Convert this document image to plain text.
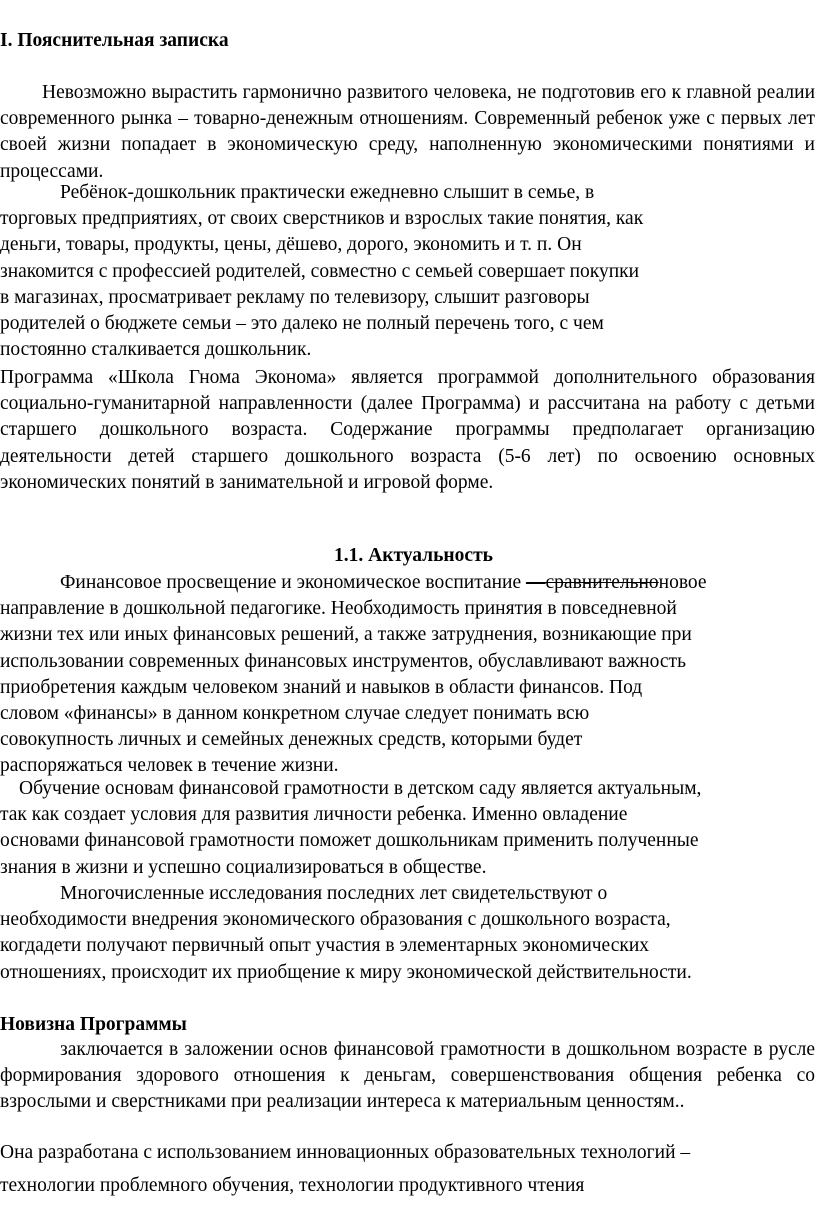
I. Пояснительная записка

Невозможно вырастить гармонично развитого человека, не подготовив его к главной реалии современного рынка – товарно-денежным отношениям. Современный ребенок уже с первых лет своей жизни попадает в экономическую среду, наполненную экономическими понятиями и процессами.

Ребёнок-дошкольник практически ежедневно слышит в семье, в
торговых предприятиях, от своих сверстников и взрослых такие понятия, как
деньги, товары, продукты, цены, дёшево, дорого, экономить и т. п. Он
знакомится с профессией родителей, совместно с семьей совершает покупки
в магазинах, просматривает рекламу по телевизору, слышит разговоры
родителей о бюджете семьи – это далеко не полный перечень того, с чем
постоянно сталкивается дошкольник.

Программа «Школа Гнома Эконома» является программой дополнительного образования социально-гуманитарной направленности (далее Программа) и рассчитана на работу с детьми старшего дошкольного возраста. Содержание программы предполагает организацию деятельности детей старшего дошкольного возраста (5-6 лет) по освоению основных экономических понятий в занимательной и игровой форме.

1.1. Актуальность
Финансовое просвещение и экономическое воспитание —сравнительноновое
направление в дошкольной педагогике. Необходимость принятия в повседневной
жизни тех или иных финансовых решений, а также затруднения, возникающие при
использовании современных финансовых инструментов, обуславливают важность
приобретения каждым человеком знаний и навыков в области финансов. Под
словом «финансы» в данном конкретном случае следует понимать всю
совокупность личных и семейных денежных средств, которыми будет
распоряжаться человек в течение жизни.
Обучение основам финансовой грамотности в детском саду является актуальным,
так как создает условия для развития личности ребенка. Именно овладение
основами финансовой грамотности поможет дошкольникам применить полученные
знания в жизни и успешно социализироваться в обществе.
Многочисленные исследования последних лет свидетельствуют о
необходимости внедрения экономического образования с дошкольного возраста,
когдадети получают первичный опыт участия в элементарных экономических
отношениях, происходит их приобщение к миру экономической действительности.
Новизна Программы

заключается в заложении основ финансовой грамотности в дошкольном возрасте в русле формирования здорового отношения к деньгам, совершенствования общения ребенка со взрослыми и сверстниками при реализации интереса к материальным ценностям..

Она разработана с использованием инновационных образовательных технологий –
технологии проблемного обучения, технологии продуктивного чтения
